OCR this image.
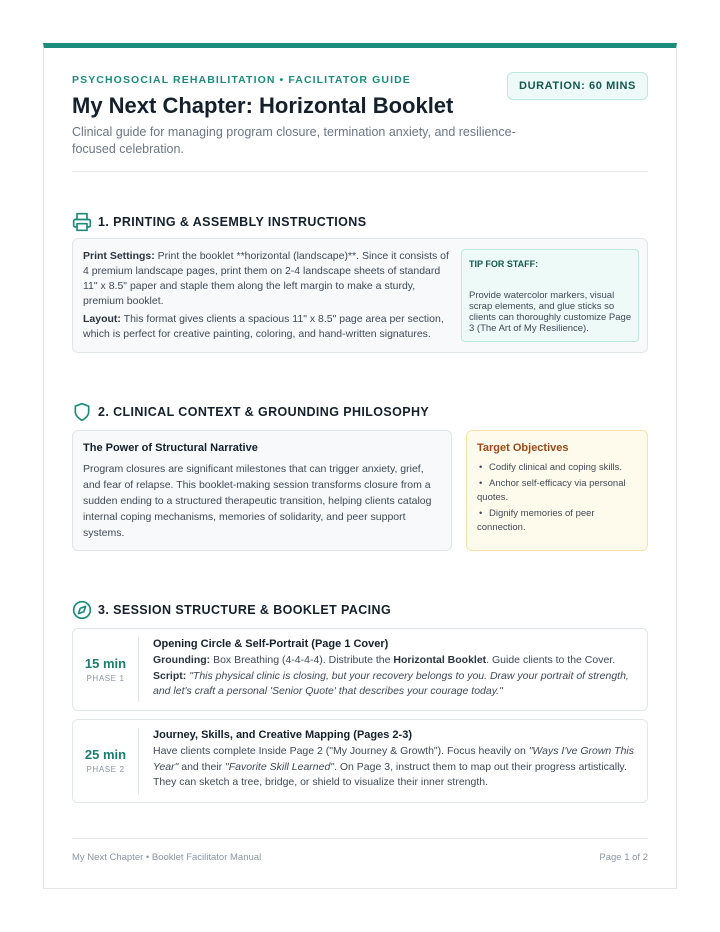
PSYCHOSOCIAL REHABILITATION • FACILITATOR GUIDE	DURATION: 60 MINS
My Next Chapter: Horizontal Booklet
Clinical guide for managing program closure, termination anxiety, and resilience-focused celebration.
1. PRINTING & ASSEMBLY INSTRUCTIONS
Print Settings: Print the booklet **horizontal (landscape)**. Since it consists of 4 premium landscape pages, print them on 2-4 landscape sheets of standard 11" x 8.5" paper and staple them along the left margin to make a sturdy, premium booklet.
Layout: This format gives clients a spacious 11" x 8.5" page area per section, which is perfect for creative painting, coloring, and hand-written signatures.
TIP FOR STAFF:
Provide watercolor markers, visual scrap elements, and glue sticks so clients can thoroughly customize Page 3 (The Art of My Resilience).
2. CLINICAL CONTEXT & GROUNDING PHILOSOPHY
The Power of Structural Narrative
Program closures are significant milestones that can trigger anxiety, grief, and fear of relapse. This booklet-making session transforms closure from a sudden ending to a structured therapeutic transition, helping clients catalog internal coping mechanisms, memories of solidarity, and peer support systems.
Target Objectives
• Codify clinical and coping skills.
• Anchor self-efficacy via personal quotes.
• Dignify memories of peer connection.
3. SESSION STRUCTURE & BOOKLET PACING
15 min
PHASE 1
Opening Circle & Self-Portrait (Page 1 Cover)
Grounding: Box Breathing (4-4-4-4). Distribute the Horizontal Booklet. Guide clients to the Cover. Script: "This physical clinic is closing, but your recovery belongs to you. Draw your portrait of strength, and let's craft a personal 'Senior Quote' that describes your courage today."
25 min
PHASE 2
Journey, Skills, and Creative Mapping (Pages 2-3)
Have clients complete Inside Page 2 ("My Journey & Growth"). Focus heavily on "Ways I've Grown This Year" and their "Favorite Skill Learned". On Page 3, instruct them to map out their progress artistically. They can sketch a tree, bridge, or shield to visualize their inner strength.
My Next Chapter • Booklet Facilitator Manual	Page 1 of 2
